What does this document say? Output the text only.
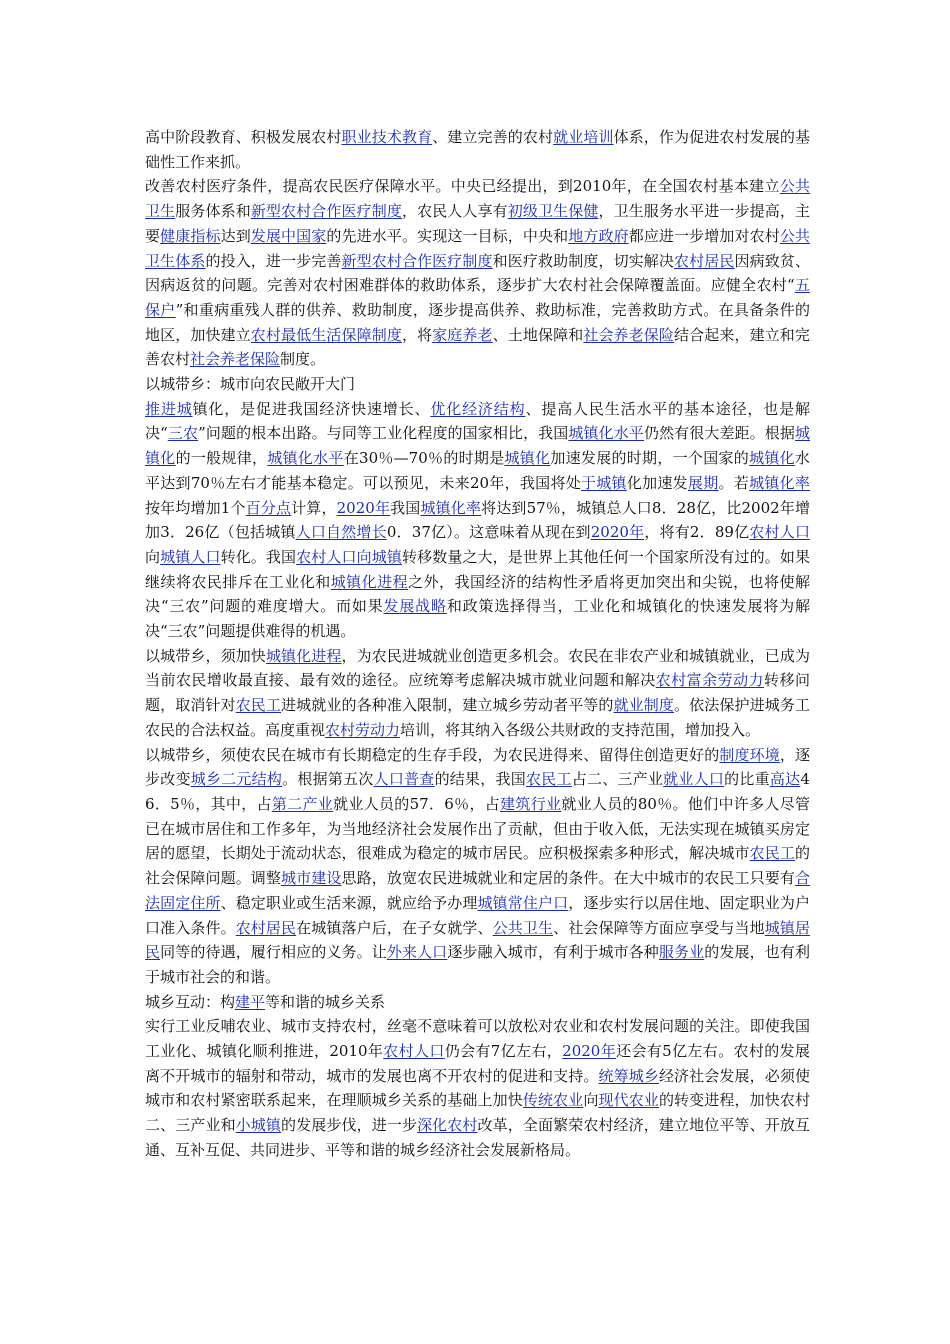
高中阶段教育、积极发展农村职业技术教育、建立完善的农村就业培训体系，作为促进农村发展的基础性工作来抓。

改善农村医疗条件，提高农民医疗保障水平。中央已经提出，到2010年，在全国农村基本建立公共卫生服务体系和新型农村合作医疗制度，农民人人享有初级卫生保健，卫生服务水平进一步提高，主要健康指标达到发展中国家的先进水平。实现这一目标，中央和地方政府都应进一步增加对农村公共卫生体系的投入，进一步完善新型农村合作医疗制度和医疗救助制度，切实解决农村居民因病致贫、因病返贫的问题。完善对农村困难群体的救助体系，逐步扩大农村社会保障覆盖面。应健全农村“五保户”和重病重残人群的供养、救助制度，逐步提高供养、救助标准，完善救助方式。在具备条件的地区，加快建立农村最低生活保障制度，将家庭养老、土地保障和社会养老保险结合起来，建立和完善农村社会养老保险制度。

以城带乡：城市向农民敞开大门

推进城镇化，是促进我国经济快速增长、优化经济结构、提高人民生活水平的基本途径，也是解决“三农”问题的根本出路。与同等工业化程度的国家相比，我国城镇化水平仍然有很大差距。根据城镇化的一般规律，城镇化水平在30％—70％的时期是城镇化加速发展的时期，一个国家的城镇化水平达到70％左右才能基本稳定。可以预见，未来20年，我国将处于城镇化加速发展期。若城镇化率按年均增加1个百分点计算，2020年我国城镇化率将达到57％，城镇总人口8．28亿，比2002年增加3．26亿（包括城镇人口自然增长0．37亿）。这意味着从现在到2020年，将有2．89亿农村人口向城镇人口转化。我国农村人口向城镇转移数量之大，是世界上其他任何一个国家所没有过的。如果继续将农民排斥在工业化和城镇化进程之外，我国经济的结构性矛盾将更加突出和尖锐，也将使解决“三农”问题的难度增大。而如果发展战略和政策选择得当，工业化和城镇化的快速发展将为解决“三农”问题提供难得的机遇。

以城带乡，须加快城镇化进程，为农民进城就业创造更多机会。农民在非农产业和城镇就业，已成为当前农民增收最直接、最有效的途径。应统筹考虑解决城市就业问题和解决农村富余劳动力转移问题，取消针对农民工进城就业的各种准入限制，建立城乡劳动者平等的就业制度。依法保护进城务工农民的合法权益。高度重视农村劳动力培训，将其纳入各级公共财政的支持范围，增加投入。

以城带乡，须使农民在城市有长期稳定的生存手段，为农民进得来、留得住创造更好的制度环境，逐步改变城乡二元结构。根据第五次人口普查的结果，我国农民工占二、三产业就业人口的比重高达46．5％，其中，占第二产业就业人员的57．6％，占建筑行业就业人员的80％。他们中许多人尽管已在城市居住和工作多年，为当地经济社会发展作出了贡献，但由于收入低，无法实现在城镇买房定居的愿望，长期处于流动状态，很难成为稳定的城市居民。应积极探索多种形式，解决城市农民工的社会保障问题。调整城市建设思路，放宽农民进城就业和定居的条件。在大中城市的农民工只要有合法固定住所、稳定职业或生活来源，就应给予办理城镇常住户口，逐步实行以居住地、固定职业为户口准入条件。农村居民在城镇落户后，在子女就学、公共卫生、社会保障等方面应享受与当地城镇居民同等的待遇，履行相应的义务。让外来人口逐步融入城市，有利于城市各种服务业的发展，也有利于城市社会的和谐。

城乡互动：构建平等和谐的城乡关系

实行工业反哺农业、城市支持农村，丝毫不意味着可以放松对农业和农村发展问题的关注。即使我国工业化、城镇化顺利推进，2010年农村人口仍会有7亿左右，2020年还会有5亿左右。农村的发展离不开城市的辐射和带动，城市的发展也离不开农村的促进和支持。统筹城乡经济社会发展，必须使城市和农村紧密联系起来，在理顺城乡关系的基础上加快传统农业向现代农业的转变进程，加快农村二、三产业和小城镇的发展步伐，进一步深化农村改革，全面繁荣农村经济，建立地位平等、开放互通、互补互促、共同进步、平等和谐的城乡经济社会发展新格局。
